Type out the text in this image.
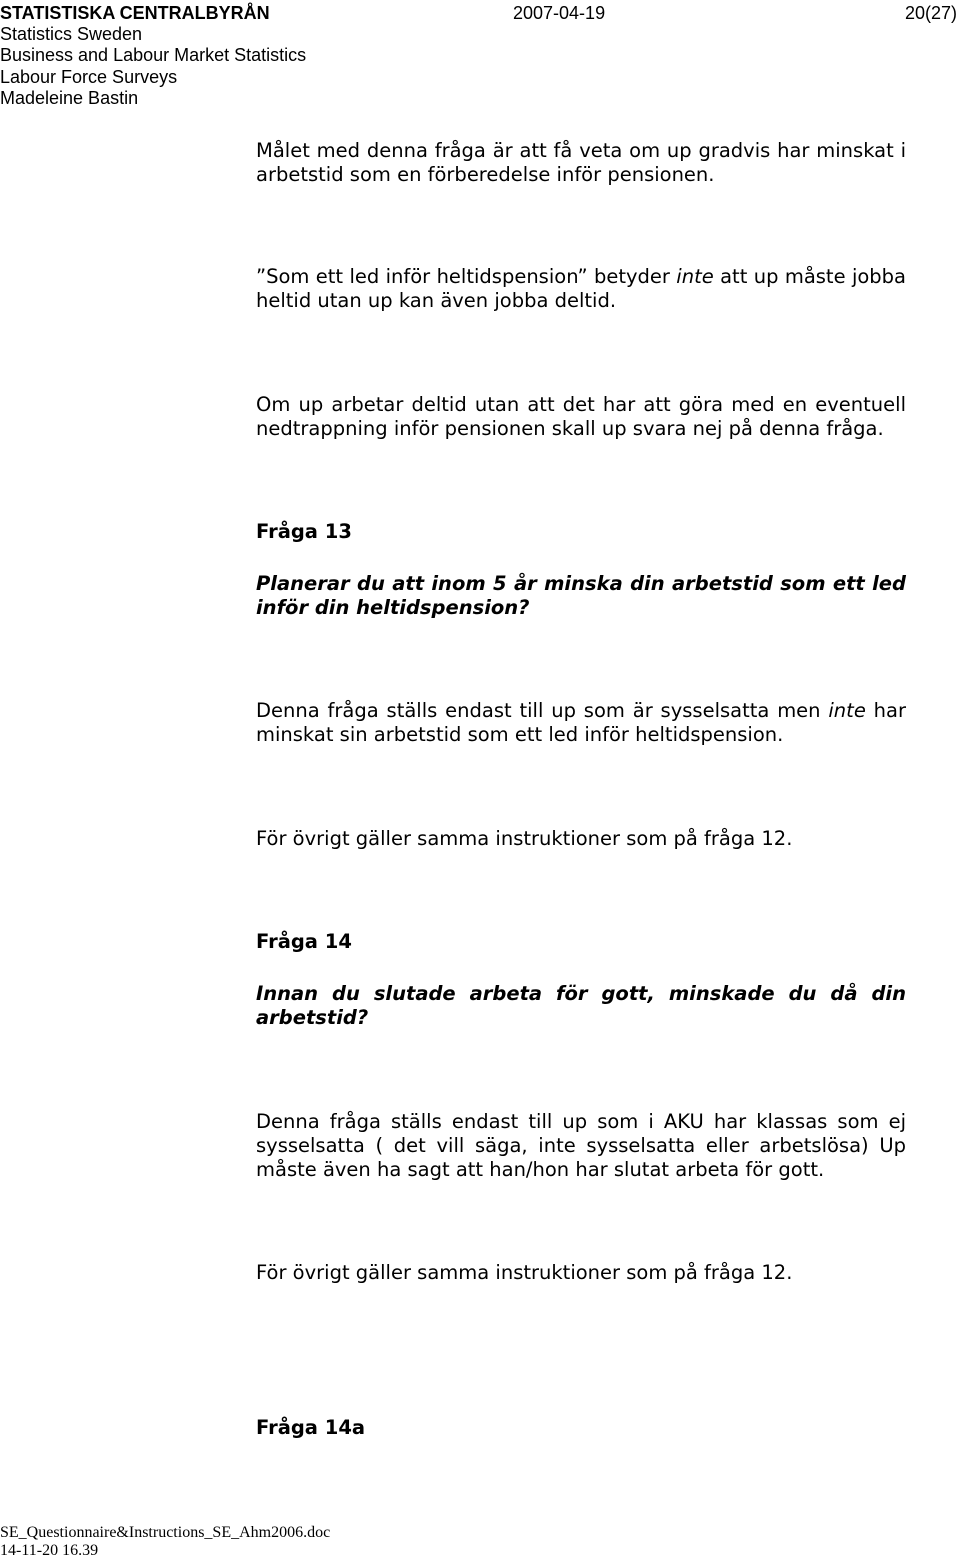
STATISTISKA CENTRALBYRÅN	2007-04-19	20(27)
Statistics Sweden
Business and Labour Market Statistics
Labour Force Surveys
Madeleine Bastin
Målet med denna fråga är att få veta om up gradvis har minskat i arbetstid som en förberedelse inför pensionen.
”Som ett led inför heltidspension” betyder inte att up måste jobba heltid utan up kan även jobba deltid.
Om up arbetar deltid utan att det har att göra med en eventuell nedtrappning inför pensionen skall up svara nej på denna fråga.
Fråga 13
Planerar du att inom 5 år minska din arbetstid som ett led inför din heltidspension?
Denna fråga ställs endast till up som är sysselsatta men inte har minskat sin arbetstid som ett led inför heltidspension.
För övrigt gäller samma instruktioner som på fråga 12.
Fråga 14
Innan du slutade arbeta för gott, minskade du då din arbetstid?
Denna fråga ställs endast till up som i AKU har klassas som ej sysselsatta ( det vill säga, inte sysselsatta eller arbetslösa) Up måste även ha sagt att han/hon har slutat arbeta för gott.
För övrigt gäller samma instruktioner som på fråga 12.
Fråga 14a
SE_Questionnaire&Instructions_SE_Ahm2006.doc
14-11-20 16.39
